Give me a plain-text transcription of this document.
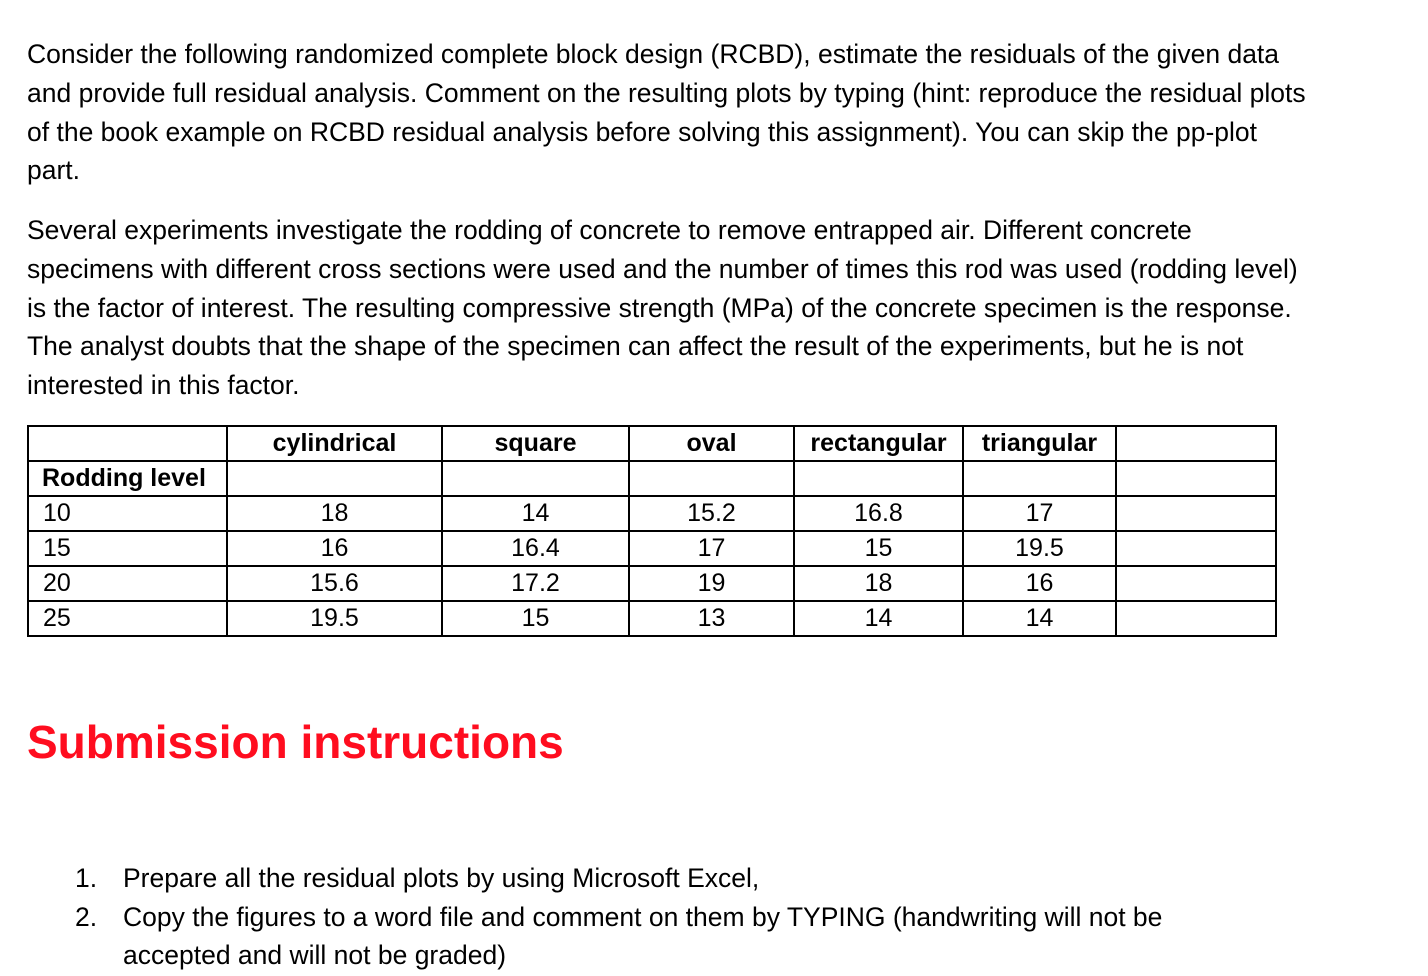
Consider the following randomized complete block design (RCBD), estimate the residuals of the given data and provide full residual analysis. Comment on the resulting plots by typing (hint: reproduce the residual plots of the book example on RCBD residual analysis before solving this assignment). You can skip the pp-plot part.

Several experiments investigate the rodding of concrete to remove entrapped air. Different concrete specimens with different cross sections were used and the number of times this rod was used (rodding level) is the factor of interest. The resulting compressive strength (MPa) of the concrete specimen is the response. The analyst doubts that the shape of the specimen can affect the result of the experiments, but he is not interested in this factor.

	cylindrical	square	oval	rectangular	triangular	
Rodding level						
10	18	14	15.2	16.8	17	
15	16	16.4	17	15	19.5	
20	15.6	17.2	19	18	16	
25	19.5	15	13	14	14	
Submission instructions
1. Prepare all the residual plots by using Microsoft Excel,
2. Copy the figures to a word file and comment on them by TYPING (handwriting will not be accepted and will not be graded)
